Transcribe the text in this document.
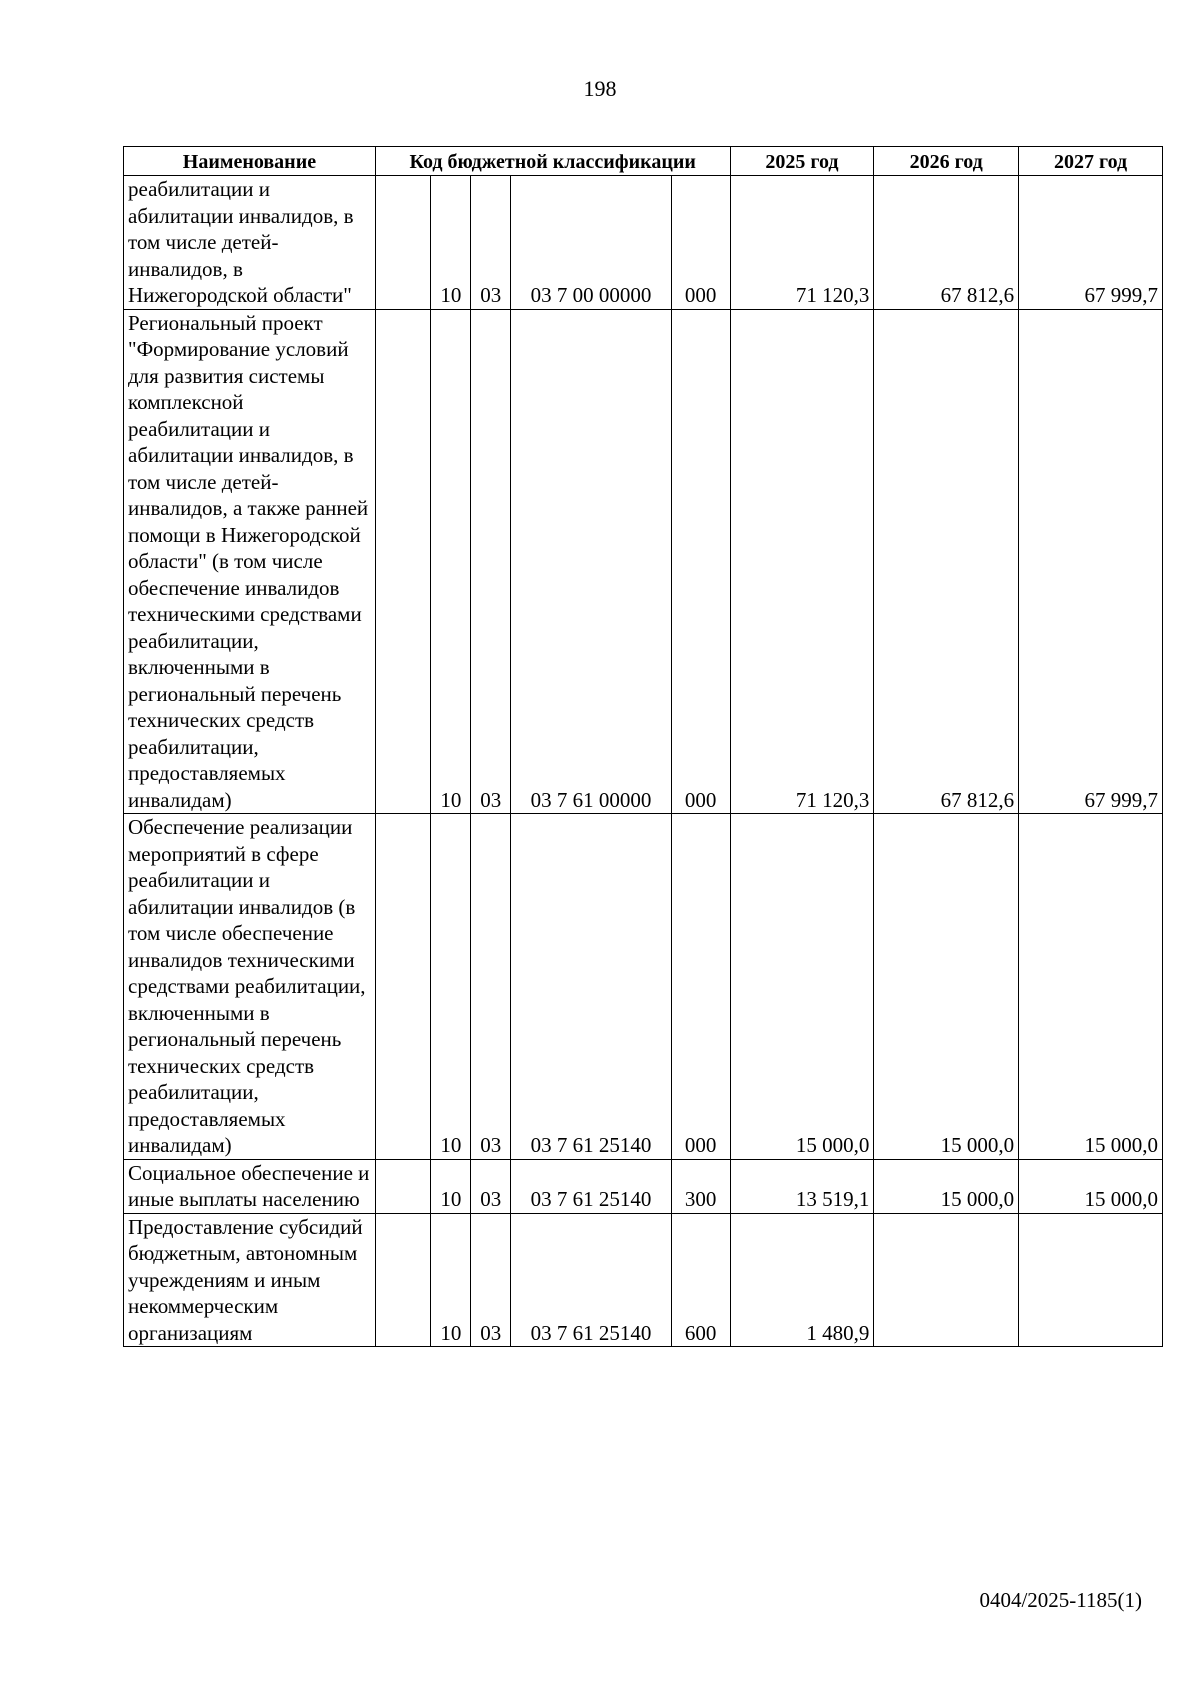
198
Наименование	Код бюджетной классификации					2025 год	2026 год	2027 год
реабилитации и абилитации инвалидов, в том числе детей-инвалидов, в Нижегородской области"		10	03	03 7 00 00000	000	71 120,3	67 812,6	67 999,7
Региональный проект "Формирование условий для развития системы комплексной реабилитации и абилитации инвалидов, в том числе детей-инвалидов, а также ранней помощи в Нижегородской области" (в том числе обеспечение инвалидов техническими средствами реабилитации, включенными в региональный перечень технических средств реабилитации, предоставляемых инвалидам)		10	03	03 7 61 00000	000	71 120,3	67 812,6	67 999,7
Обеспечение реализации мероприятий в сфере реабилитации и абилитации инвалидов (в том числе обеспечение инвалидов техническими средствами реабилитации, включенными в региональный перечень технических средств реабилитации, предоставляемых инвалидам)		10	03	03 7 61 25140	000	15 000,0	15 000,0	15 000,0
Социальное обеспечение и иные выплаты населению		10	03	03 7 61 25140	300	13 519,1	15 000,0	15 000,0
Предоставление субсидий бюджетным, автономным учреждениям и иным некоммерческим организациям		10	03	03 7 61 25140	600	1 480,9		
0404/2025-1185(1)
